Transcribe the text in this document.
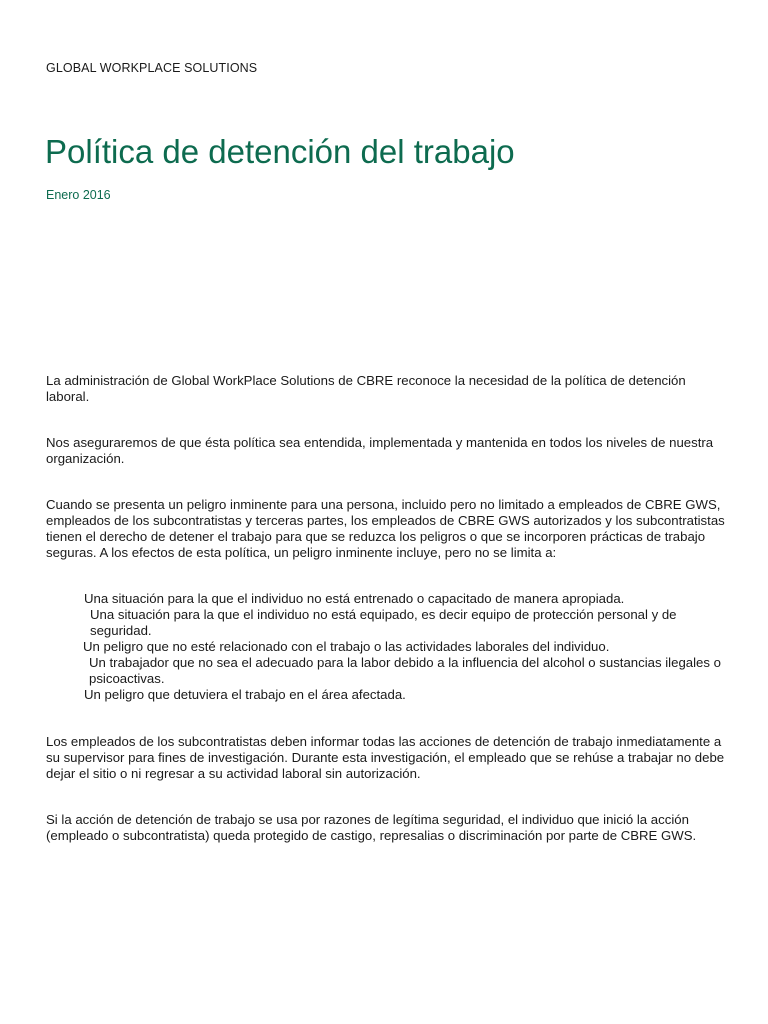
GLOBAL WORKPLACE SOLUTIONS
Política de detención del trabajo
Enero 2016

La administración de Global WorkPlace Solutions de CBRE reconoce la necesidad de la política de detención laboral.

Nos aseguraremos de que ésta política sea entendida, implementada y mantenida en todos los niveles de nuestra organización.

Cuando se presenta un peligro inminente para una persona, incluido pero no limitado a empleados de CBRE GWS, empleados de los subcontratistas y terceras partes, los empleados de CBRE GWS autorizados y los subcontratistas tienen el derecho de detener el trabajo para que se reduzca los peligros o que se incorporen prácticas de trabajo seguras. A los efectos de esta política, un peligro inminente incluye, pero no se limita a:

Una situación para la que el individuo no está entrenado o capacitado de manera apropiada.
Una situación para la que el individuo no está equipado, es decir equipo de protección personal y de seguridad.
Un peligro que no esté relacionado con el trabajo o las actividades laborales del individuo.
Un trabajador que no sea el adecuado para la labor debido a la influencia del alcohol o sustancias ilegales o psicoactivas.
Un peligro que detuviera el trabajo en el área afectada.

Los empleados de los subcontratistas deben informar todas las acciones de detención de trabajo inmediatamente a su supervisor para fines de investigación. Durante esta investigación, el empleado que se rehúse a trabajar no debe dejar el sitio o ni regresar a su actividad laboral sin autorización.

Si la acción de detención de trabajo se usa por razones de legítima seguridad, el individuo que inició la acción (empleado o subcontratista) queda protegido de castigo, represalias o discriminación por parte de CBRE GWS.
